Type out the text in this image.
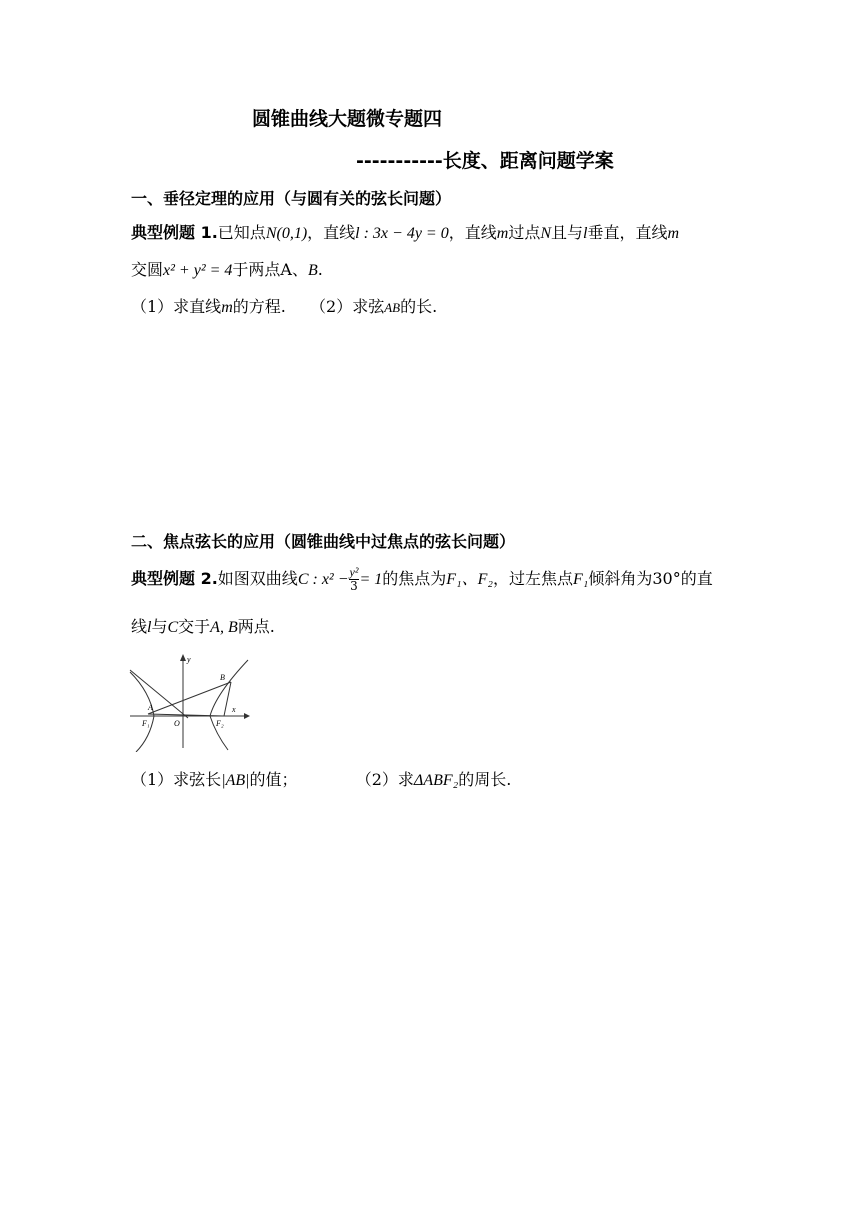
圆锥曲线大题微专题四
-----------长度、距离问题学案
一、垂径定理的应用（与圆有关的弦长问题）
典型例题 1.已知点N(0,1)，直线l : 3x − 4y = 0，直线m过点N且与l垂直，直线m
交圆x² + y² = 4于两点A、B.
（1）求直线m的方程. （2）求弦AB的长.
二、焦点弦长的应用（圆锥曲线中过焦点的弦长问题）
典型例题 2.如图双曲线C : $x^2 - \frac{\text{y²}}{3} = 1$的焦点为F₁、F₂，过左焦点F₁倾斜角为30°的直
线l与C交于A, B两点.
y
x
O
A
B
F₁	F₂
（1）求弦长|AB|的值；	（2）求ΔABF₂的周长.
